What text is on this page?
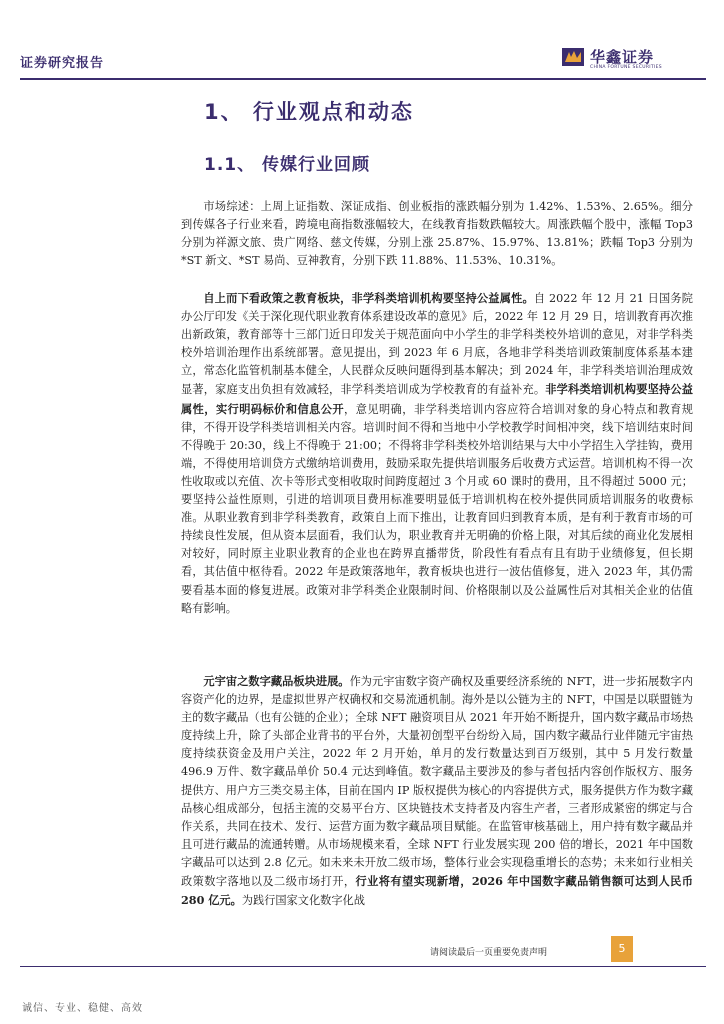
证券研究报告	华鑫证券
CHINA FORTUNE SECURITIES
1、 行业观点和动态
1.1、 传媒行业回顾

市场综述：上周上证指数、深证成指、创业板指的涨跌幅分别为 1.42%、1.53%、2.65%。细分到传媒各子行业来看，跨境电商指数涨幅较大，在线教育指数跌幅较大。周涨跌幅个股中，涨幅 Top3 分别为祥源文旅、贵广网络、慈文传媒，分别上涨 25.87%、15.97%、13.81%；跌幅 Top3 分别为*ST 新文、*ST 易尚、豆神教育，分别下跌 11.88%、11.53%、10.31%。

自上而下看政策之教育板块，非学科类培训机构要坚持公益属性。自 2022 年 12 月 21 日国务院办公厅印发《关于深化现代职业教育体系建设改革的意见》后，2022 年 12 月 29 日，培训教育再次推出新政策，教育部等十三部门近日印发关于规范面向中小学生的非学科类校外培训的意见，对非学科类校外培训治理作出系统部署。意见提出，到 2023 年 6 月底，各地非学科类培训政策制度体系基本建立，常态化监管机制基本健全，人民群众反映问题得到基本解决；到 2024 年，非学科类培训治理成效显著，家庭支出负担有效减轻，非学科类培训成为学校教育的有益补充。非学科类培训机构要坚持公益属性，实行明码标价和信息公开，意见明确，非学科类培训内容应符合培训对象的身心特点和教育规律，不得开设学科类培训相关内容。培训时间不得和当地中小学校教学时间相冲突，线下培训结束时间不得晚于 20:30，线上不得晚于 21:00；不得将非学科类校外培训结果与大中小学招生入学挂钩，费用端，不得使用培训贷方式缴纳培训费用，鼓励采取先提供培训服务后收费方式运营。培训机构不得一次性收取或以充值、次卡等形式变相收取时间跨度超过 3 个月或 60 课时的费用，且不得超过 5000 元；要坚持公益性原则，引进的培训项目费用标准要明显低于培训机构在校外提供同质培训服务的收费标准。从职业教育到非学科类教育，政策自上而下推出，让教育回归到教育本质，是有利于教育市场的可持续良性发展，但从资本层面看，我们认为，职业教育并无明确的价格上限，对其后续的商业化发展相对较好，同时原主业职业教育的企业也在跨界直播带货，阶段性有看点有且有助于业绩修复，但长期看，其估值中枢待看。2022 年是政策落地年，教育板块也进行一波估值修复，进入 2023 年，其仍需要看基本面的修复进展。政策对非学科类企业限制时间、价格限制以及公益属性后对其相关企业的估值略有影响。

元宇宙之数字藏品板块进展。作为元宇宙数字资产确权及重要经济系统的 NFT，进一步拓展数字内容资产化的边界，是虚拟世界产权确权和交易流通机制。海外是以公链为主的 NFT，中国是以联盟链为主的数字藏品（也有公链的企业）；全球 NFT 融资项目从 2021 年开始不断提升，国内数字藏品市场热度持续上升，除了头部企业背书的平台外，大量初创型平台纷纷入局，国内数字藏品行业伴随元宇宙热度持续获资金及用户关注，2022 年 2 月开始，单月的发行数量达到百万级别，其中 5 月发行数量 496.9 万件、数字藏品单价 50.4 元达到峰值。数字藏品主要涉及的参与者包括内容创作版权方、服务提供方、用户方三类交易主体，目前在国内 IP 版权提供为核心的内容提供方式，服务提供方作为数字藏品核心组成部分，包括主流的交易平台方、区块链技术支持者及内容生产者，三者形成紧密的绑定与合作关系，共同在技术、发行、运营方面为数字藏品项目赋能。在监管审核基础上，用户持有数字藏品并且可进行藏品的流通转赠。从市场规模来看，全球 NFT 行业发展实现 200 倍的增长，2021 年中国数字藏品可以达到 2.8 亿元。如未来未开放二级市场，整体行业会实现稳重增长的态势；未来如行业相关政策数字落地以及二级市场打开，行业将有望实现新增，2026 年中国数字藏品销售额可达到人民币 280 亿元。为践行国家文化数字化战

请阅读最后一页重要免责声明	5
诚信、专业、稳健、高效
